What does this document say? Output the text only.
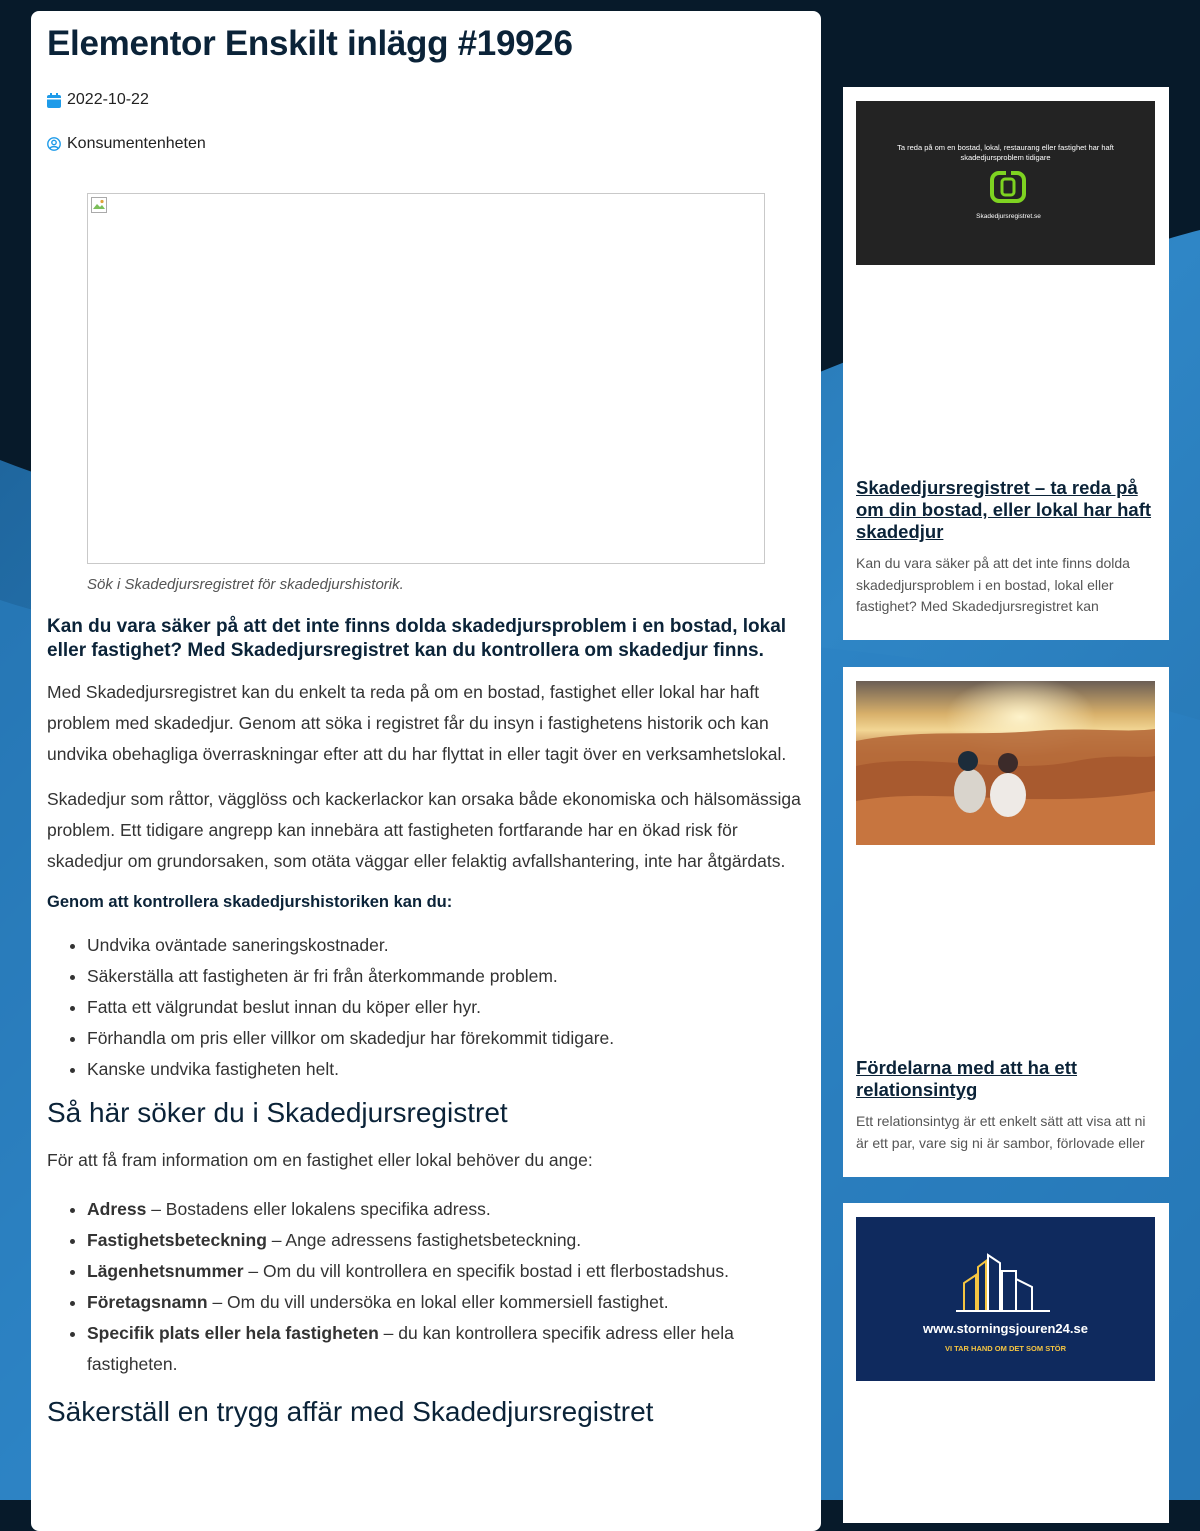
Elementor Enskilt inlägg #19926
2022-10-22
Konsumentenheten
Sök i Skadedjursregistret för skadedjurshistorik.
Kan du vara säker på att det inte finns dolda skadedjursproblem i en bostad, lokal eller fastighet? Med Skadedjursregistret kan du kontrollera om skadedjur finns.

Med Skadedjursregistret kan du enkelt ta reda på om en bostad, fastighet eller lokal har haft problem med skadedjur. Genom att söka i registret får du insyn i fastighetens historik och kan undvika obehagliga överraskningar efter att du har flyttat in eller tagit över en verksamhetslokal.

Skadedjur som råttor, vägglöss och kackerlackor kan orsaka både ekonomiska och hälsomässiga problem. Ett tidigare angrepp kan innebära att fastigheten fortfarande har en ökad risk för skadedjur om grundorsaken, som otäta väggar eller felaktig avfallshantering, inte har åtgärdats.

Genom att kontrollera skadedjurshistoriken kan du:
• Undvika oväntade saneringskostnader.
• Säkerställa att fastigheten är fri från återkommande problem.
• Fatta ett välgrundat beslut innan du köper eller hyr.
• Förhandla om pris eller villkor om skadedjur har förekommit tidigare.
• Kanske undvika fastigheten helt.
Så här söker du i Skadedjursregistret

För att få fram information om en fastighet eller lokal behöver du ange:

• Adress – Bostadens eller lokalens specifika adress.
• Fastighetsbeteckning – Ange adressens fastighetsbeteckning.
• Lägenhetsnummer – Om du vill kontrollera en specifik bostad i ett flerbostadshus.
• Företagsnamn – Om du vill undersöka en lokal eller kommersiell fastighet.
• Specifik plats eller hela fastigheten – du kan kontrollera specifik adress eller hela fastigheten.
Säkerställ en trygg affär med Skadedjursregistret
Ta reda på om en bostad, lokal, restaurang eller fastighet har haft skadedjursproblem tidigare
Skadedjursregistret.se
Skadedjursregistret – ta reda på om din bostad, eller lokal har haft skadedjur
Kan du vara säker på att det inte finns dolda skadedjursproblem i en bostad, lokal eller fastighet? Med Skadedjursregistret kan
Fördelarna med att ha ett relationsintyg
Ett relationsintyg är ett enkelt sätt att visa att ni är ett par, vare sig ni är sambor, förlovade eller
www.storningsjouren24.se
VI TAR HAND OM DET SOM STÖR
